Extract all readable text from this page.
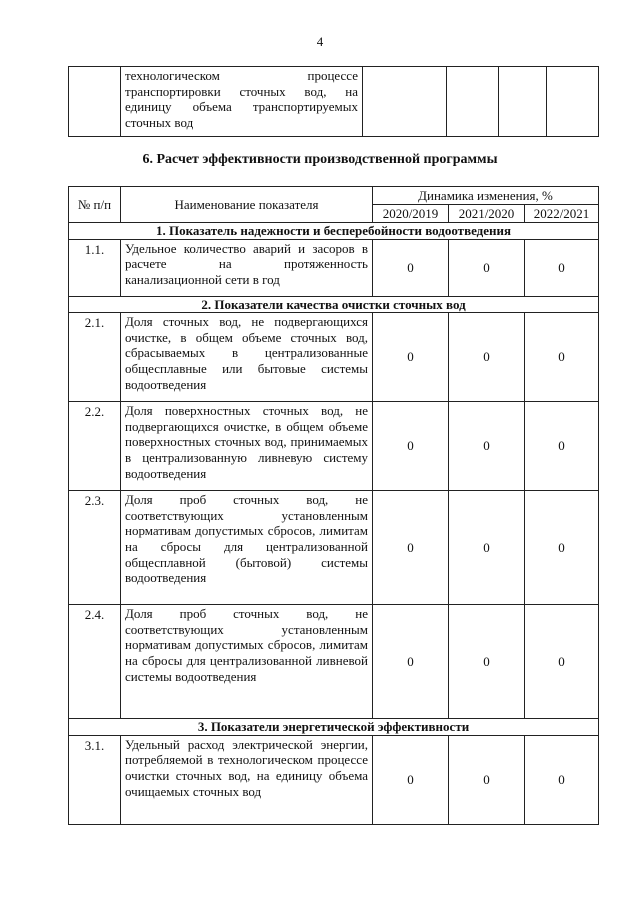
4
	технологическом процессе транспортировки сточных вод, на единицу объема транспортируемых сточных вод				
6. Расчет эффективности производственной программы
№ п/п	Наименование показателя	Динамика изменения, %		
		2020/2019	2021/2020	2022/2021
1. Показатель надежности и бесперебойности водоотведения				
1.1.	Удельное количество аварий и засоров в расчете на протяженность канализационной сети в год	0	0	0
2. Показатели качества очистки сточных вод				
2.1.	Доля сточных вод, не подвергающихся очистке, в общем объеме сточных вод, сбрасываемых в централизованные общесплавные или бытовые системы водоотведения	0	0	0
2.2.	Доля поверхностных сточных вод, не подвергающихся очистке, в общем объеме поверхностных сточных вод, принимаемых в централизованную ливневую систему водоотведения	0	0	0
2.3.	Доля проб сточных вод, не соответствующих установленным нормативам допустимых сбросов, лимитам на сбросы для централизованной общесплавной (бытовой) системы водоотведения	0	0	0
2.4.	Доля проб сточных вод, не соответствующих установленным нормативам допустимых сбросов, лимитам на сбросы для централизованной ливневой системы водоотведения	0	0	0
3. Показатели энергетической эффективности				
3.1.	Удельный расход электрической энергии, потребляемой в технологическом процессе очистки сточных вод, на единицу объема очищаемых сточных вод	0	0	0
